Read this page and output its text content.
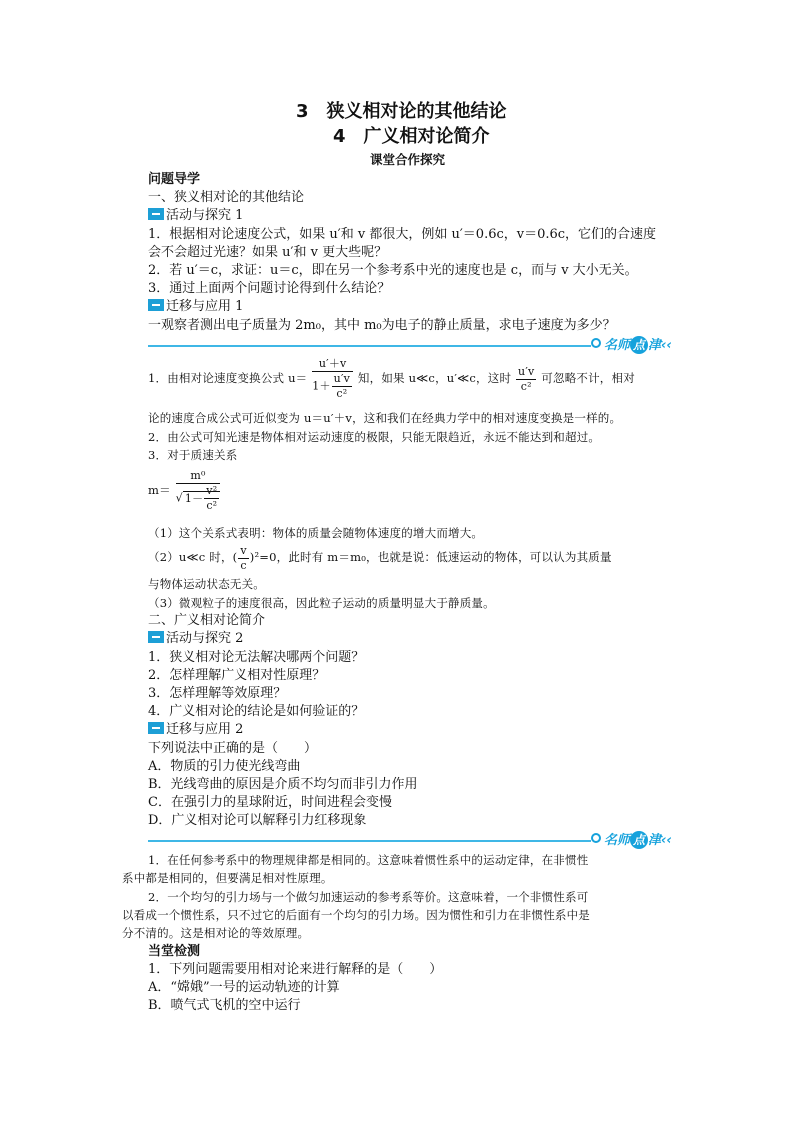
3　狭义相对论的其他结论
4　广义相对论简介
课堂合作探究
问题导学
一、狭义相对论的其他结论
活动与探究 1
1．根据相对论速度公式，如果 u′和 v 都很大，例如 u′＝0.6c，v＝0.6c，它们的合速度
会不会超过光速？如果 u′和 v 更大些呢？
2．若 u′＝c，求证：u＝c，即在另一个参考系中光的速度也是 c，而与 v 大小无关。
3．通过上面两个问题讨论得到什么结论？
迁移与应用 1
一观察者测出电子质量为 2m₀，其中 m₀为电子的静止质量，求电子速度为多少？
名师 点 津‹‹
1．由相对论速度变换公式 $u= \frac{u'+v}{1+ \frac{u'v}{\text{c²}}}$ 知，如果 u≪c，u′≪c，这时 $\frac{u'v}{\text{c²}}$ 可忽略不计，相对
论的速度合成公式可近似变为 u＝u′＋v，这和我们在经典力学中的相对速度变换是一样的。
2．由公式可知光速是物体相对运动速度的极限，只能无限趋近，永远不能达到和超过。
3．对于质速关系
$m= \frac{\text{m⁰}}{√ 1- \frac{\text{v²}}{\text{c²}}}$
（1）这个关系式表明：物体的质量会随物体速度的增大而增大。
（2）u≪c 时，( $\frac{v}{c} )^2=0$，此时有 m＝m₀，也就是说：低速运动的物体，可以认为其质量
与物体运动状态无关。
（3）微观粒子的速度很高，因此粒子运动的质量明显大于静质量。
二、广义相对论简介
活动与探究 2
1．狭义相对论无法解决哪两个问题？
2．怎样理解广义相对性原理？
3．怎样理解等效原理？
4．广义相对论的结论是如何验证的？
迁移与应用 2
下列说法中正确的是（　　）
A．物质的引力使光线弯曲
B．光线弯曲的原因是介质不均匀而非引力作用
C．在强引力的星球附近，时间进程会变慢
D．广义相对论可以解释引力红移现象
名师 点 津‹‹
1．在任何参考系中的物理规律都是相同的。这意味着惯性系中的运动定律，在非惯性
系中都是相同的，但要满足相对性原理。
2．一个均匀的引力场与一个做匀加速运动的参考系等价。这意味着，一个非惯性系可
以看成一个惯性系，只不过它的后面有一个均匀的引力场。因为惯性和引力在非惯性系中是
分不清的。这是相对论的等效原理。
当堂检测
1．下列问题需要用相对论来进行解释的是（　　）
A．“嫦娥”一号的运动轨迹的计算
B．喷气式飞机的空中运行
